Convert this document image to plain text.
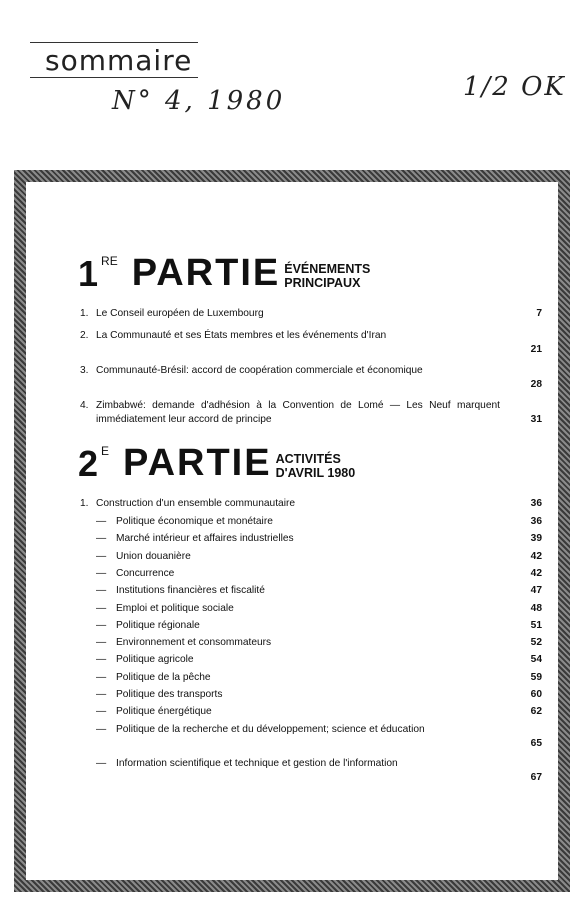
sommaire
N° 4, 1980	1/2 OK
1 RE PARTIE ÉVÉNEMENTS
PRINCIPAUX
1. Le Conseil européen de Luxembourg	7
2. La Communauté et ses États membres et les événements d'Iran
21
3. Communauté-Brésil: accord de coopération commerciale et économique
28
4. Zimbabwé: demande d'adhésion à la Convention de Lomé — Les Neuf marquent immédiatement leur accord de principe	31
2 E PARTIE ACTIVITÉS
D'AVRIL 1980
1. Construction d'un ensemble communautaire	36
— Politique économique et monétaire	36
— Marché intérieur et affaires industrielles	39
— Union douanière	42
— Concurrence	42
— Institutions financières et fiscalité	47
— Emploi et politique sociale	48
— Politique régionale	51
— Environnement et consommateurs	52
— Politique agricole	54
— Politique de la pêche	59
— Politique des transports	60
— Politique énergétique	62
— Politique de la recherche et du développement; science et éducation
65
— Information scientifique et technique et gestion de l'information
67
